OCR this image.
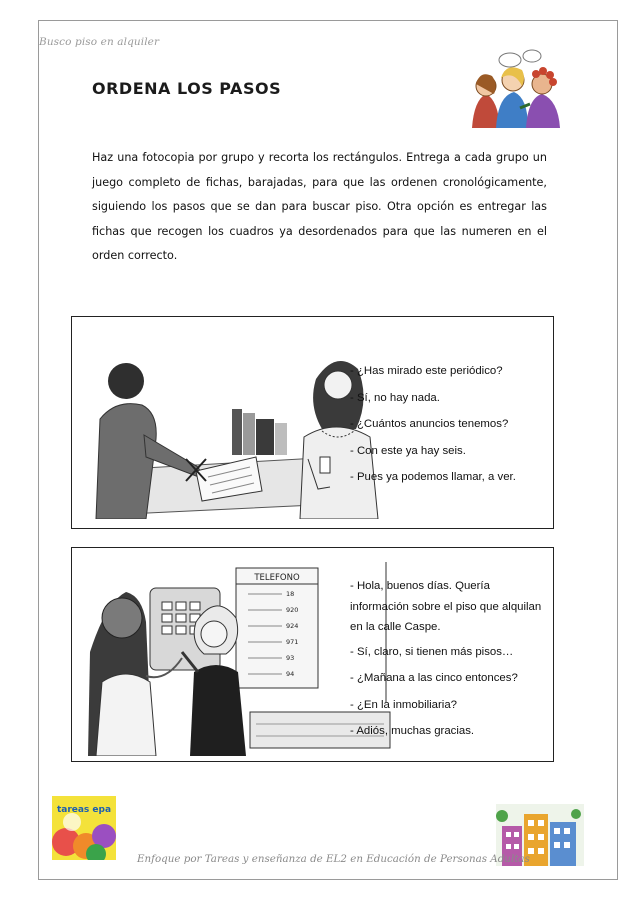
Busco piso en alquiler
ORDENA LOS PASOS

Haz una fotocopia por grupo y recorta los rectángulos. Entrega a cada grupo un juego completo de fichas, barajadas, para que las ordenen cronológicamente, siguiendo los pasos que se dan para buscar piso. Otra opción es entregar las fichas que recogen los cuadros ya desordenados para que las numeren en el orden correcto.

- ¿Has mirado este periódico?

- Sí, no hay nada.

- ¿Cuántos anuncios tenemos?

- Con este ya hay seis.

- Pues ya podemos llamar, a ver.

TELEFONO
18
920
924
971
93
94

- Hola, buenos días. Quería información sobre el piso que alquilan en la calle Caspe.

- Sí, claro, si tienen más pisos…

- ¿Mañana a las cinco entonces?

- ¿En la inmobiliaria?

- Adiós, muchas gracias.

tareas epa
Enfoque por Tareas y enseñanza de EL2 en Educación de Personas Adultas
